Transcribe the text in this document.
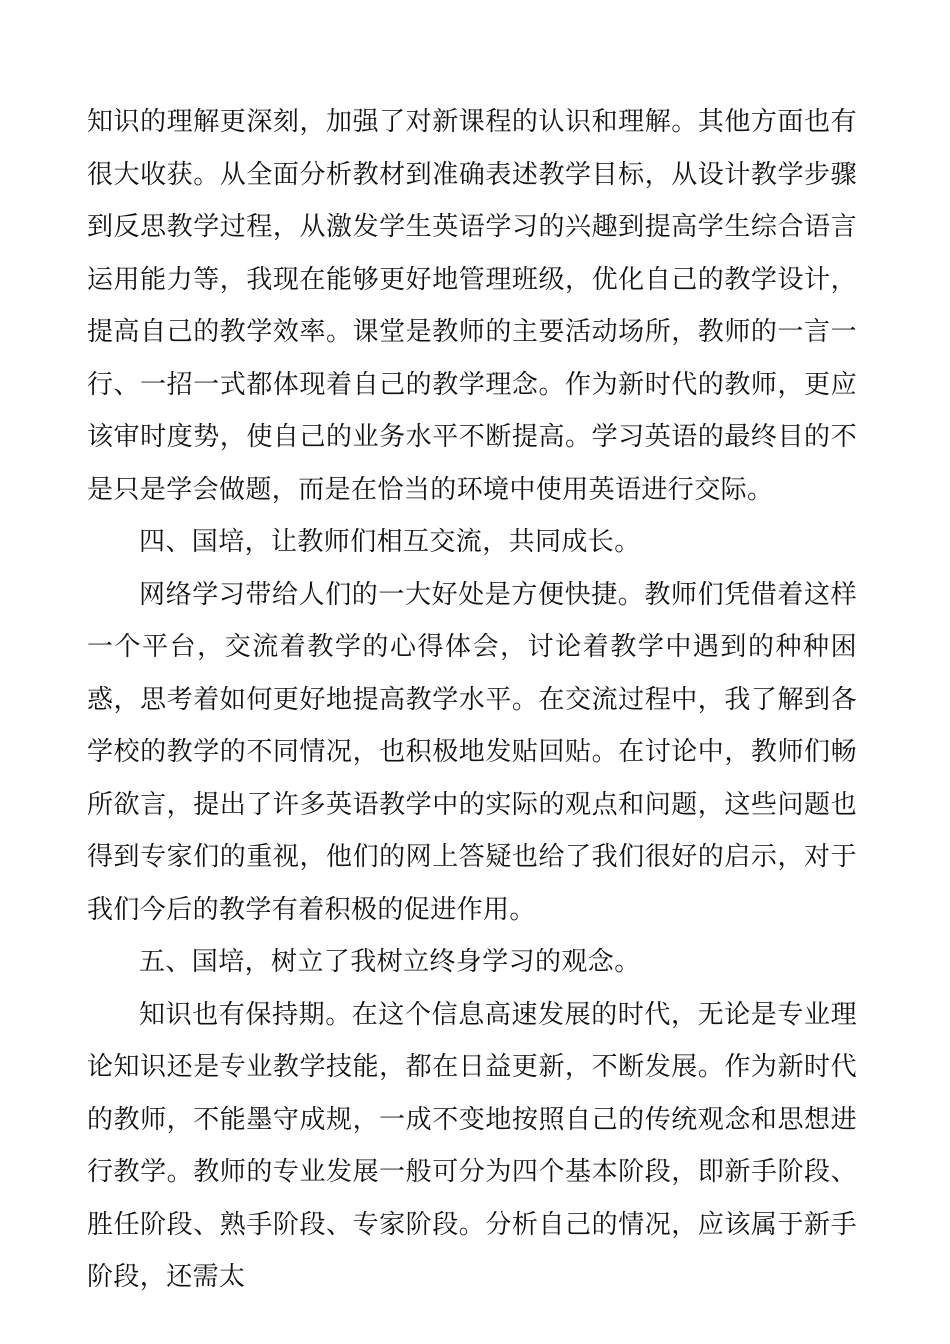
知识的理解更深刻，加强了对新课程的认识和理解。其他方面也有很大收获。从全面分析教材到准确表述教学目标，从设计教学步骤到反思教学过程，从激发学生英语学习的兴趣到提高学生综合语言运用能力等，我现在能够更好地管理班级，优化自己的教学设计，提高自己的教学效率。课堂是教师的主要活动场所，教师的一言一行、一招一式都体现着自己的教学理念。作为新时代的教师，更应该审时度势，使自己的业务水平不断提高。学习英语的最终目的不是只是学会做题，而是在恰当的环境中使用英语进行交际。

四、国培，让教师们相互交流，共同成长。

网络学习带给人们的一大好处是方便快捷。教师们凭借着这样一个平台，交流着教学的心得体会，讨论着教学中遇到的种种困惑，思考着如何更好地提高教学水平。在交流过程中，我了解到各学校的教学的不同情况，也积极地发贴回贴。在讨论中，教师们畅所欲言，提出了许多英语教学中的实际的观点和问题，这些问题也得到专家们的重视，他们的网上答疑也给了我们很好的启示，对于我们今后的教学有着积极的促进作用。

五、国培，树立了我树立终身学习的观念。

知识也有保持期。在这个信息高速发展的时代，无论是专业理论知识还是专业教学技能，都在日益更新，不断发展。作为新时代的教师，不能墨守成规，一成不变地按照自己的传统观念和思想进行教学。教师的专业发展一般可分为四个基本阶段，即新手阶段、胜任阶段、熟手阶段、专家阶段。分析自己的情况，应该属于新手阶段，还需太
